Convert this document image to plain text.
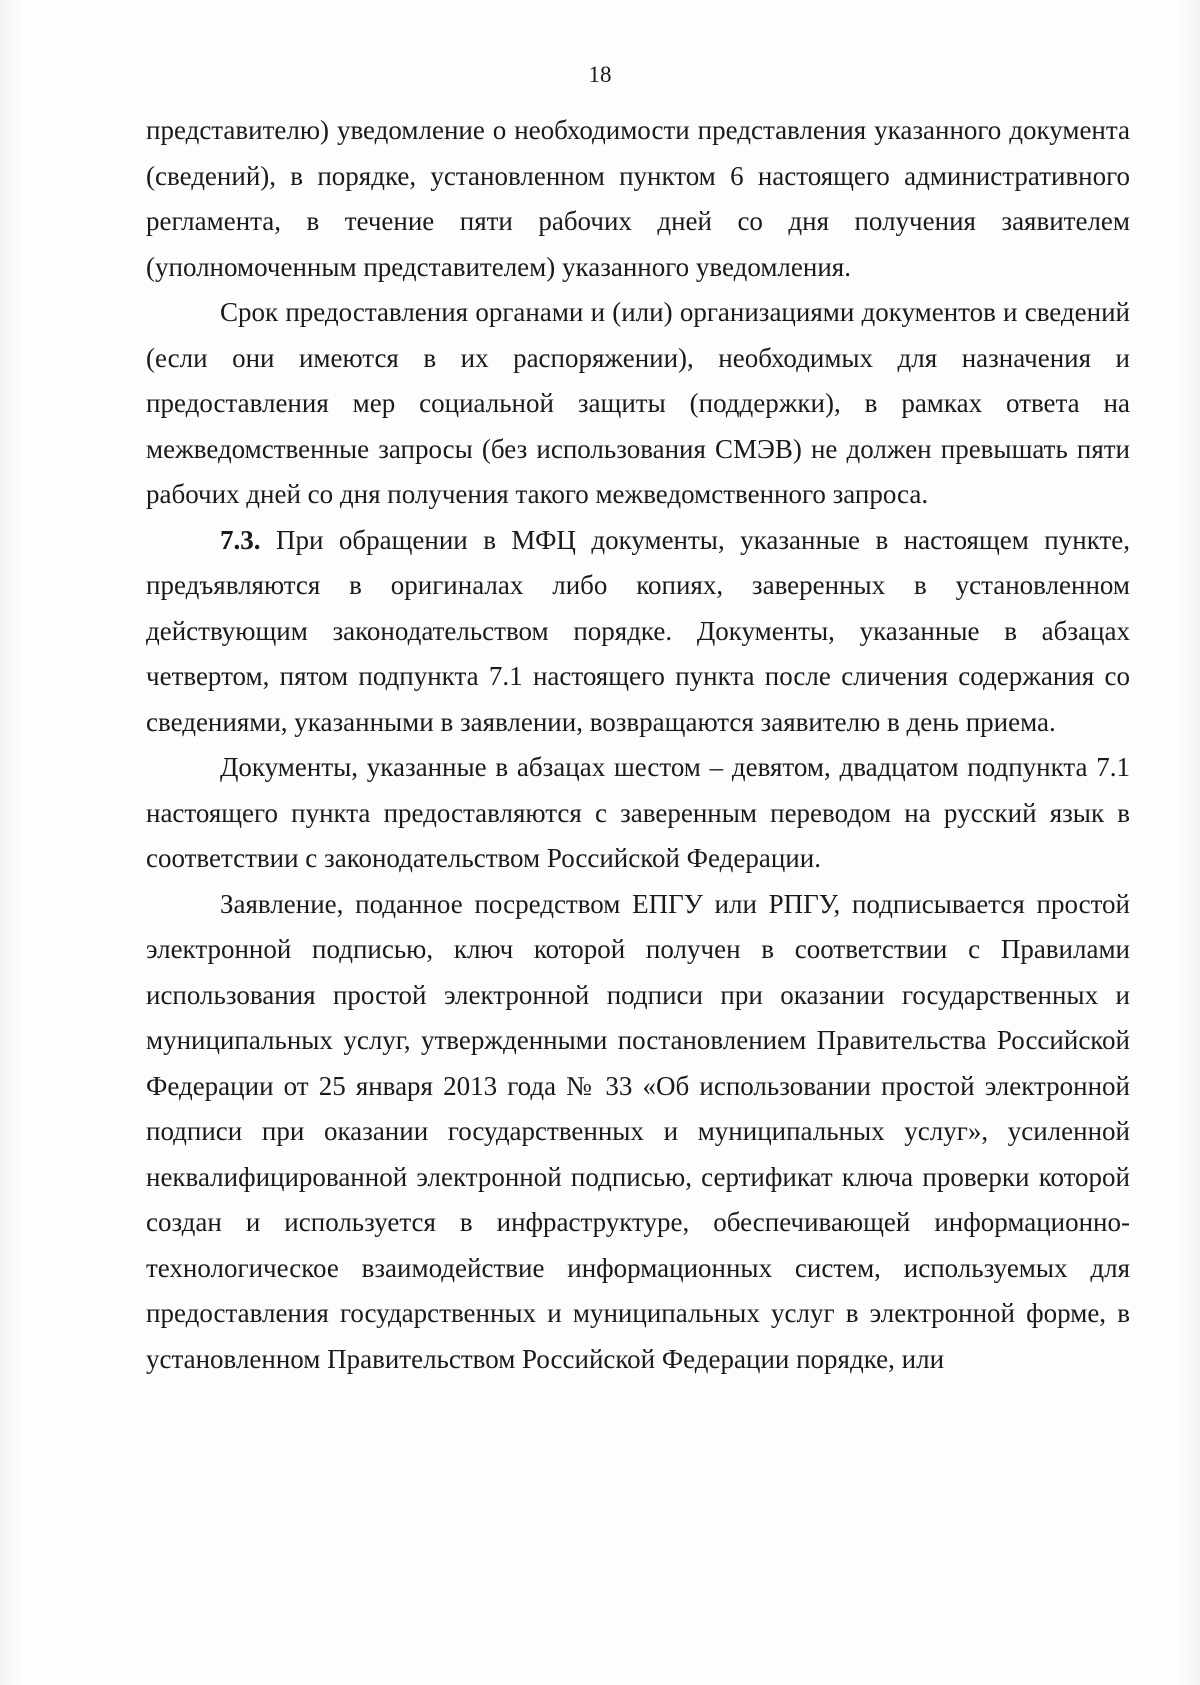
18

представителю) уведомление о необходимости представления указанного документа (сведений), в порядке, установленном пунктом 6 настоящего административного регламента, в течение пяти рабочих дней со дня получения заявителем (уполномоченным представителем) указанного уведомления.

Срок предоставления органами и (или) организациями документов и сведений (если они имеются в их распоряжении), необходимых для назначения и предоставления мер социальной защиты (поддержки), в рамках ответа на межведомственные запросы (без использования СМЭВ) не должен превышать пяти рабочих дней со дня получения такого межведомственного запроса.

7.3. При обращении в МФЦ документы, указанные в настоящем пункте, предъявляются в оригиналах либо копиях, заверенных в установленном действующим законодательством порядке. Документы, указанные в абзацах четвертом, пятом подпункта 7.1 настоящего пункта после сличения содержания со сведениями, указанными в заявлении, возвращаются заявителю в день приема.

Документы, указанные в абзацах шестом – девятом, двадцатом подпункта 7.1 настоящего пункта предоставляются с заверенным переводом на русский язык в соответствии с законодательством Российской Федерации.

Заявление, поданное посредством ЕПГУ или РПГУ, подписывается простой электронной подписью, ключ которой получен в соответствии с Правилами использования простой электронной подписи при оказании государственных и муниципальных услуг, утвержденными постановлением Правительства Российской Федерации от 25 января 2013 года № 33 «Об использовании простой электронной подписи при оказании государственных и муниципальных услуг», усиленной неквалифицированной электронной подписью, сертификат ключа проверки которой создан и используется в инфраструктуре, обеспечивающей информационно-технологическое взаимодействие информационных систем, используемых для предоставления государственных и муниципальных услуг в электронной форме, в установленном Правительством Российской Федерации порядке, или
